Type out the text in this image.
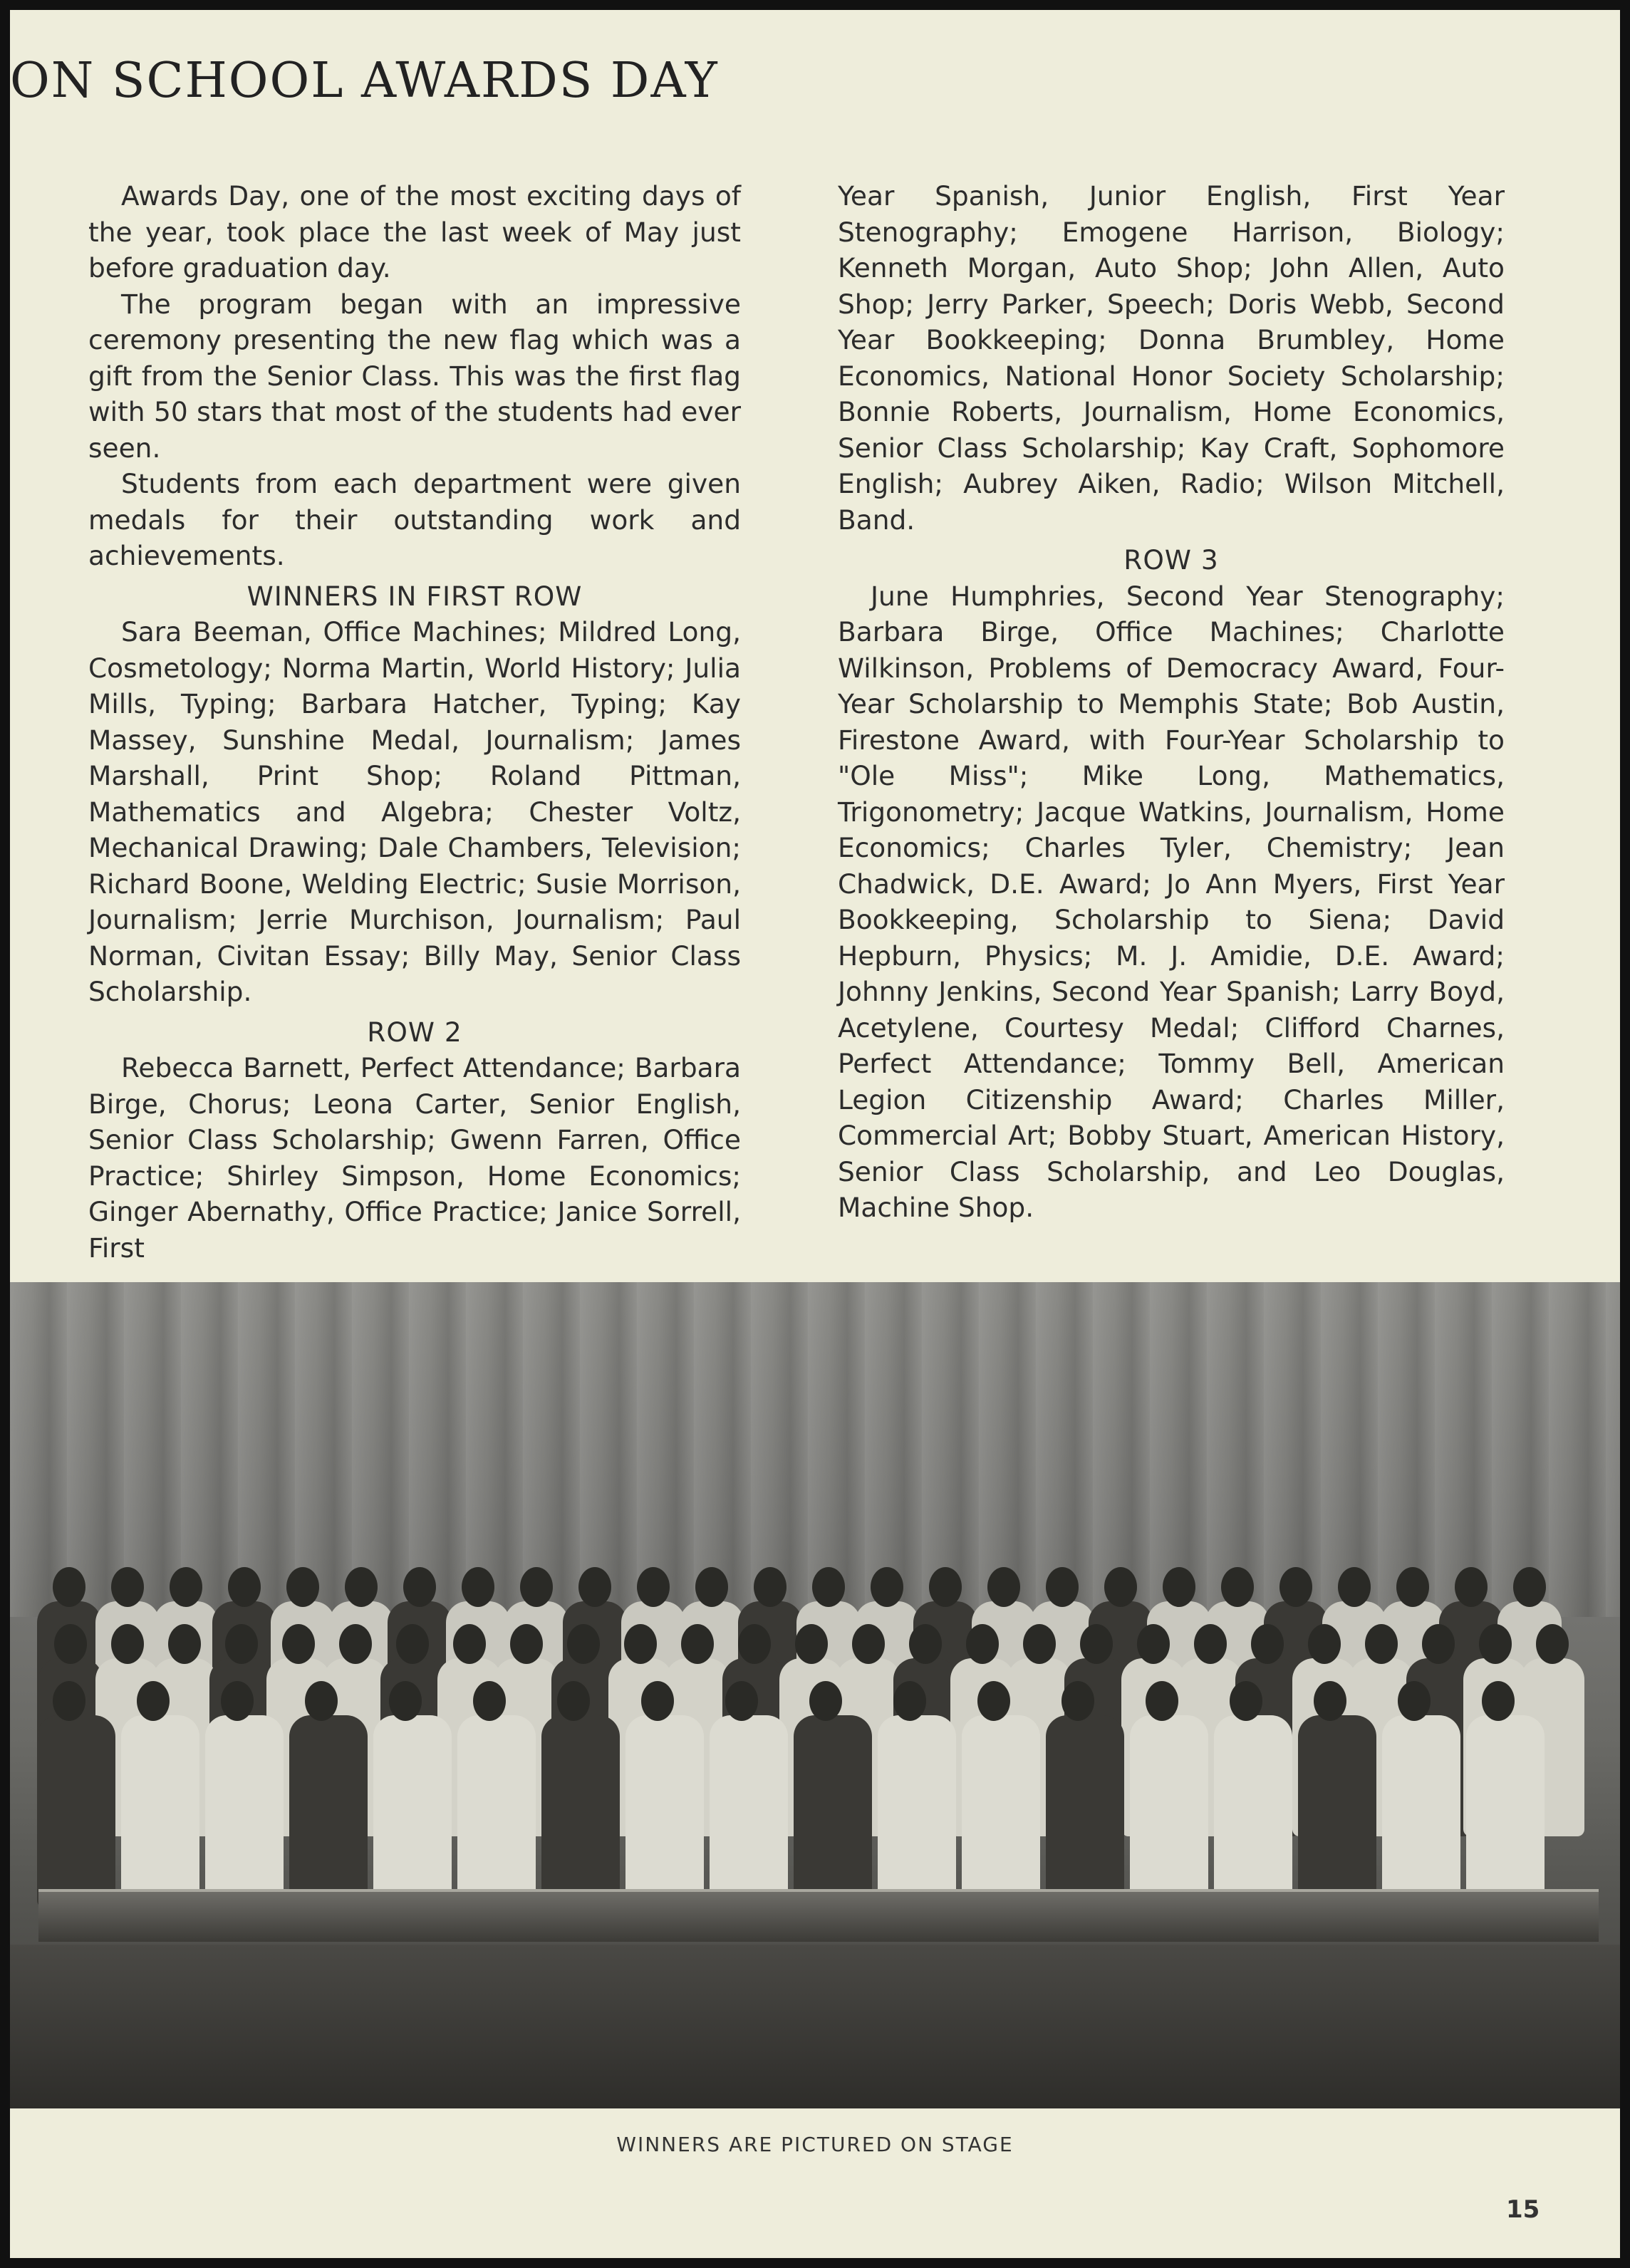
ON SCHOOL AWARDS DAY

Awards Day, one of the most exciting days of the year, took place the last week of May just before graduation day.

The program began with an impressive ceremony presenting the new flag which was a gift from the Senior Class. This was the first flag with 50 stars that most of the students had ever seen.

Students from each department were given medals for their outstanding work and achievements.

WINNERS IN FIRST ROW

Sara Beeman, Office Machines; Mildred Long, Cosmetology; Norma Martin, World History; Julia Mills, Typing; Barbara Hatcher, Typing; Kay Massey, Sunshine Medal, Journalism; James Marshall, Print Shop; Roland Pittman, Mathematics and Algebra; Chester Voltz, Mechanical Drawing; Dale Chambers, Television; Richard Boone, Welding Electric; Susie Morrison, Journalism; Jerrie Murchison, Journalism; Paul Norman, Civitan Essay; Billy May, Senior Class Scholarship.

ROW 2

Rebecca Barnett, Perfect Attendance; Barbara Birge, Chorus; Leona Carter, Senior English, Senior Class Scholarship; Gwenn Farren, Office Practice; Shirley Simpson, Home Economics; Ginger Abernathy, Office Practice; Janice Sorrell, First

Year Spanish, Junior English, First Year Stenography; Emogene Harrison, Biology; Kenneth Morgan, Auto Shop; John Allen, Auto Shop; Jerry Parker, Speech; Doris Webb, Second Year Bookkeeping; Donna Brumbley, Home Economics, National Honor Society Scholarship; Bonnie Roberts, Journalism, Home Economics, Senior Class Scholarship; Kay Craft, Sophomore English; Aubrey Aiken, Radio; Wilson Mitchell, Band.

ROW 3

June Humphries, Second Year Stenography; Barbara Birge, Office Machines; Charlotte Wilkinson, Problems of Democracy Award, Four-Year Scholarship to Memphis State; Bob Austin, Firestone Award, with Four-Year Scholarship to "Ole Miss"; Mike Long, Mathematics, Trigonometry; Jacque Watkins, Journalism, Home Economics; Charles Tyler, Chemistry; Jean Chadwick, D.E. Award; Jo Ann Myers, First Year Bookkeeping, Scholarship to Siena; David Hepburn, Physics; M. J. Amidie, D.E. Award; Johnny Jenkins, Second Year Spanish; Larry Boyd, Acetylene, Courtesy Medal; Clifford Charnes, Perfect Attendance; Tommy Bell, American Legion Citizenship Award; Charles Miller, Commercial Art; Bobby Stuart, American History, Senior Class Scholarship, and Leo Douglas, Machine Shop.

WINNERS ARE PICTURED ON STAGE
15
